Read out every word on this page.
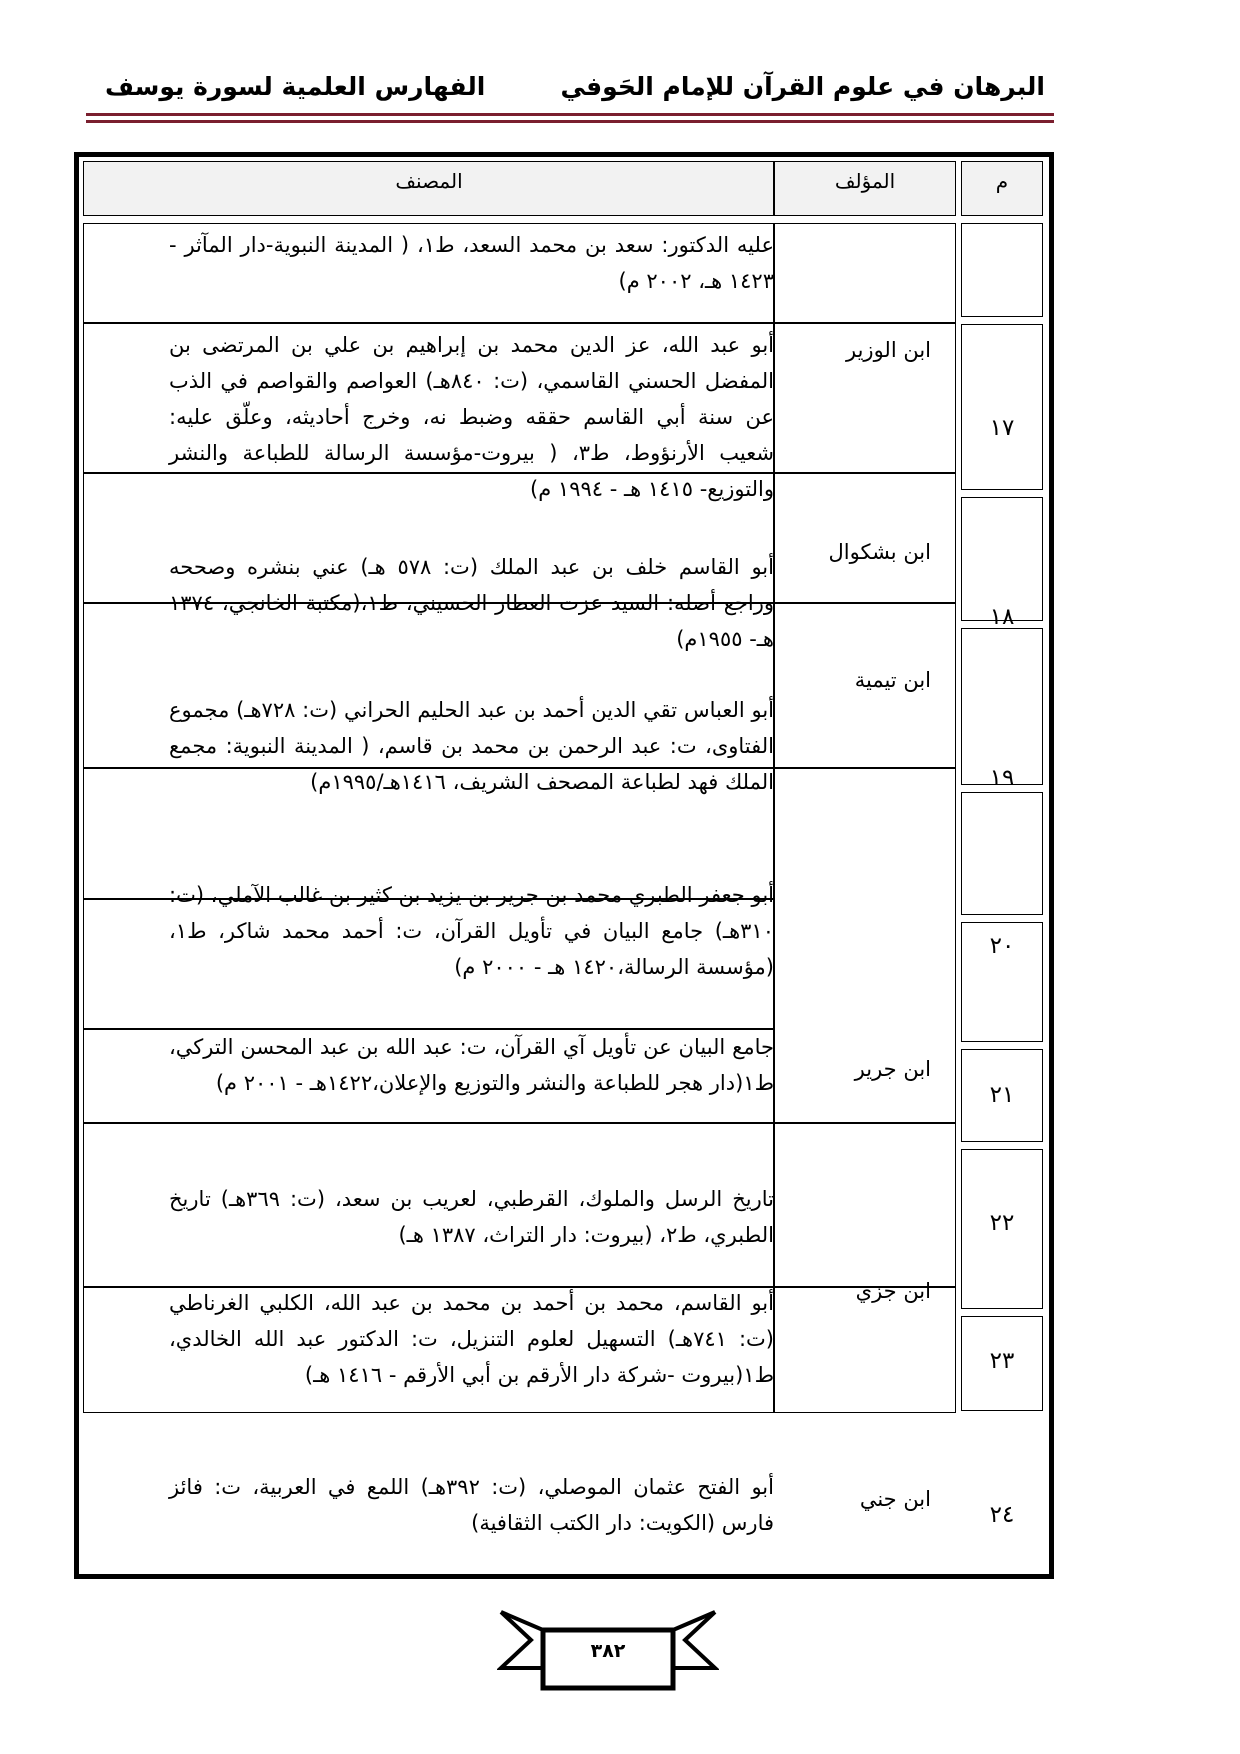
البرهان في علوم القرآن للإمام الحَوفي
الفهارس العلمية لسورة يوسف
م
المؤلف
المصنف
١٧
١٨
١٩
٢٠
٢١
٢٢
٢٣
٢٤
ابن الوزير
ابن بشكوال
ابن تيمية
ابن جرير
ابن جزي
ابن جني
عليه الدكتور: سعد بن محمد السعد، ط١، ( المدينة النبوية-دار المآثر - ١٤٢٣ هـ، ٢٠٠٢ م)
أبو عبد الله، عز الدين محمد بن إبراهيم بن علي بن المرتضى بن المفضل الحسني القاسمي، (ت: ٨٤٠هـ) العواصم والقواصم في الذب عن سنة أبي القاسم حققه وضبط نه، وخرج أحاديثه، وعلّق عليه: شعيب الأرنؤوط، ط٣، ( بيروت-مؤسسة الرسالة للطباعة والنشر والتوزيع- ١٤١٥ هـ - ١٩٩٤ م)
أبو القاسم خلف بن عبد الملك (ت: ٥٧٨ هـ) عني بنشره وصححه وراجع أصله: السيد عزت العطار الحسيني، ط١،(مكتبة الخانجي، ١٣٧٤ هـ- ١٩٥٥م)
أبو العباس تقي الدين أحمد بن عبد الحليم الحراني (ت: ٧٢٨هـ) مجموع الفتاوى، ت: عبد الرحمن بن محمد بن قاسم، ( المدينة النبوية: مجمع الملك فهد لطباعة المصحف الشريف، ١٤١٦هـ/١٩٩٥م)
أبو جعفر الطبري محمد بن جرير بن يزيد بن كثير بن غالب الآملي، (ت: ٣١٠هـ) جامع البيان في تأويل القرآن، ت: أحمد محمد شاكر، ط١، (مؤسسة الرسالة،١٤٢٠ هـ - ٢٠٠٠ م)
جامع البيان عن تأويل آي القرآن، ت: عبد الله بن عبد المحسن التركي، ط١(دار هجر للطباعة والنشر والتوزيع والإعلان،١٤٢٢هـ - ٢٠٠١ م)
تاريخ الرسل والملوك، القرطبي، لعريب بن سعد، (ت: ٣٦٩هـ) تاريخ الطبري، ط٢، (بيروت: دار التراث، ١٣٨٧ هـ)
أبو القاسم، محمد بن أحمد بن محمد بن عبد الله، الكلبي الغرناطي (ت: ٧٤١هـ) التسهيل لعلوم التنزيل، ت: الدكتور عبد الله الخالدي، ط١(بيروت -شركة دار الأرقم بن أبي الأرقم - ١٤١٦ هـ)
أبو الفتح عثمان الموصلي، (ت: ٣٩٢هـ) اللمع في العربية، ت: فائز فارس (الكويت: دار الكتب الثقافية)
٣٨٢
